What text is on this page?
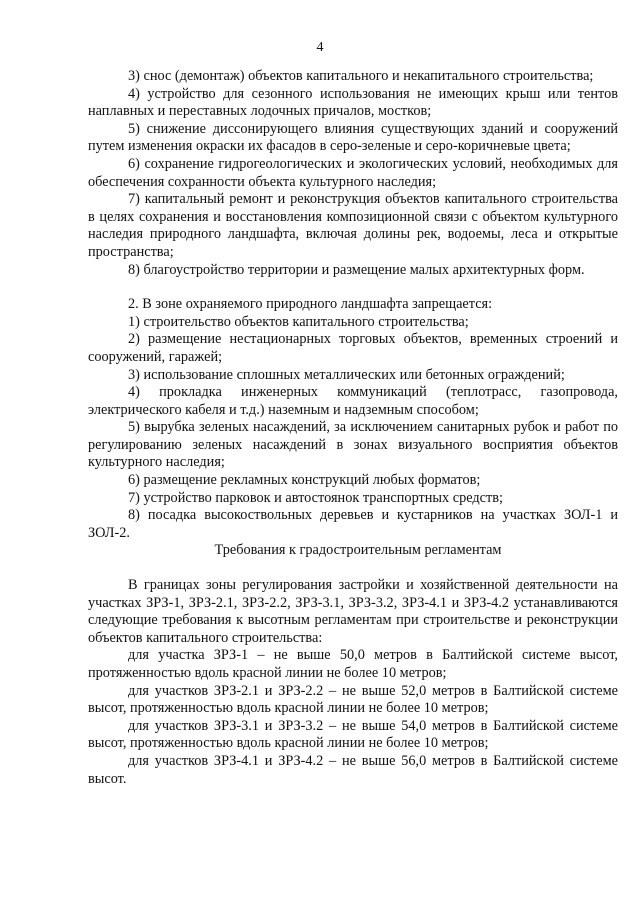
4

3) снос (демонтаж) объектов капитального и некапитального строительства;

4) устройство для сезонного использования не имеющих крыш или тентов наплавных и переставных лодочных причалов, мостков;

5) снижение диссонирующего влияния существующих зданий и сооружений путем изменения окраски их фасадов в серо-зеленые и серо-коричневые цвета;

6) сохранение гидрогеологических и экологических условий, необходимых для обеспечения сохранности объекта культурного наследия;

7) капитальный ремонт и реконструкция объектов капитального строительства в целях сохранения и восстановления композиционной связи с объектом культурного наследия природного ландшафта, включая долины рек, водоемы, леса и открытые пространства;

8) благоустройство территории и размещение малых архитектурных форм.

2. В зоне охраняемого природного ландшафта запрещается:

1) строительство объектов капитального строительства;

2) размещение нестационарных торговых объектов, временных строений и сооружений, гаражей;

3) использование сплошных металлических или бетонных ограждений;

4) прокладка инженерных коммуникаций (теплотрасс, газопровода, электрического кабеля и т.д.) наземным и надземным способом;

5) вырубка зеленых насаждений, за исключением санитарных рубок и работ по регулированию зеленых насаждений в зонах визуального восприятия объектов культурного наследия;

6) размещение рекламных конструкций любых форматов;

7) устройство парковок и автостоянок транспортных средств;

8) посадка высокоствольных деревьев и кустарников на участках ЗОЛ-1 и ЗОЛ-2.

Требования к градостроительным регламентам

В границах зоны регулирования застройки и хозяйственной деятельности на участках ЗРЗ-1, ЗРЗ-2.1, ЗРЗ-2.2, ЗРЗ-3.1, ЗРЗ-3.2, ЗРЗ-4.1 и ЗРЗ-4.2 устанавливаются следующие требования к высотным регламентам при строительстве и реконструкции объектов капитального строительства:

для участка ЗРЗ-1 – не выше 50,0 метров в Балтийской системе высот, протяженностью вдоль красной линии не более 10 метров;

для участков ЗРЗ-2.1 и ЗРЗ-2.2 – не выше 52,0 метров в Балтийской системе высот, протяженностью вдоль красной линии не более 10 метров;

для участков ЗРЗ-3.1 и ЗРЗ-3.2 – не выше 54,0 метров в Балтийской системе высот, протяженностью вдоль красной линии не более 10 метров;

для участков ЗРЗ-4.1 и ЗРЗ-4.2 – не выше 56,0 метров в Балтийской системе высот.
